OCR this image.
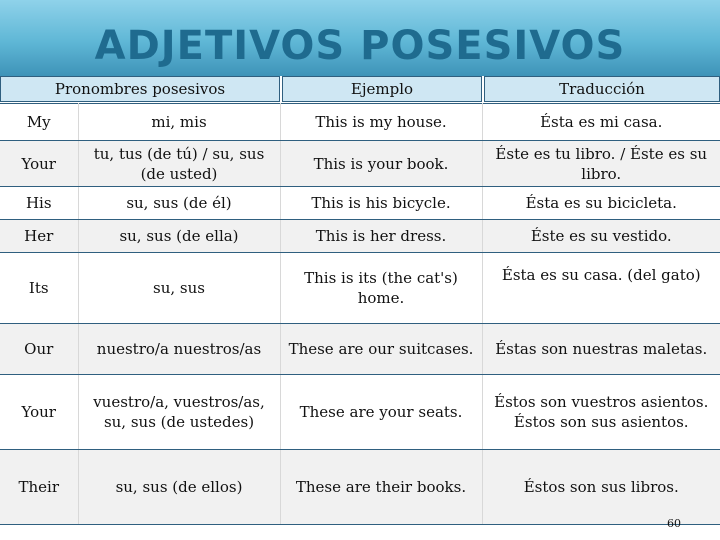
ADJETIVOS POSESIVOS
Pronombres posesivos	Ejemplo	Traducción
My	mi, mis	This is my house.	Ésta es mi casa.
Your	tu, tus (de tú) / su, sus (de usted)	This is your book.	Éste es tu libro. / Éste es su libro.
His	su, sus (de él)	This is his bicycle.	Ésta es su bicicleta.
Her	su, sus (de ella)	This is her dress.	Éste es su vestido.
Its	su, sus	This is its (the cat's) home.	Ésta es su casa. (del gato)
Our	nuestro/a nuestros/as	These are our suitcases.	Éstas son nuestras maletas.
Your	vuestro/a, vuestros/as, su, sus (de ustedes)	These are your seats.	Éstos son vuestros asientos. Éstos son sus asientos.
Their	su, sus (de ellos)	These are their books.	Éstos son sus libros.
60
